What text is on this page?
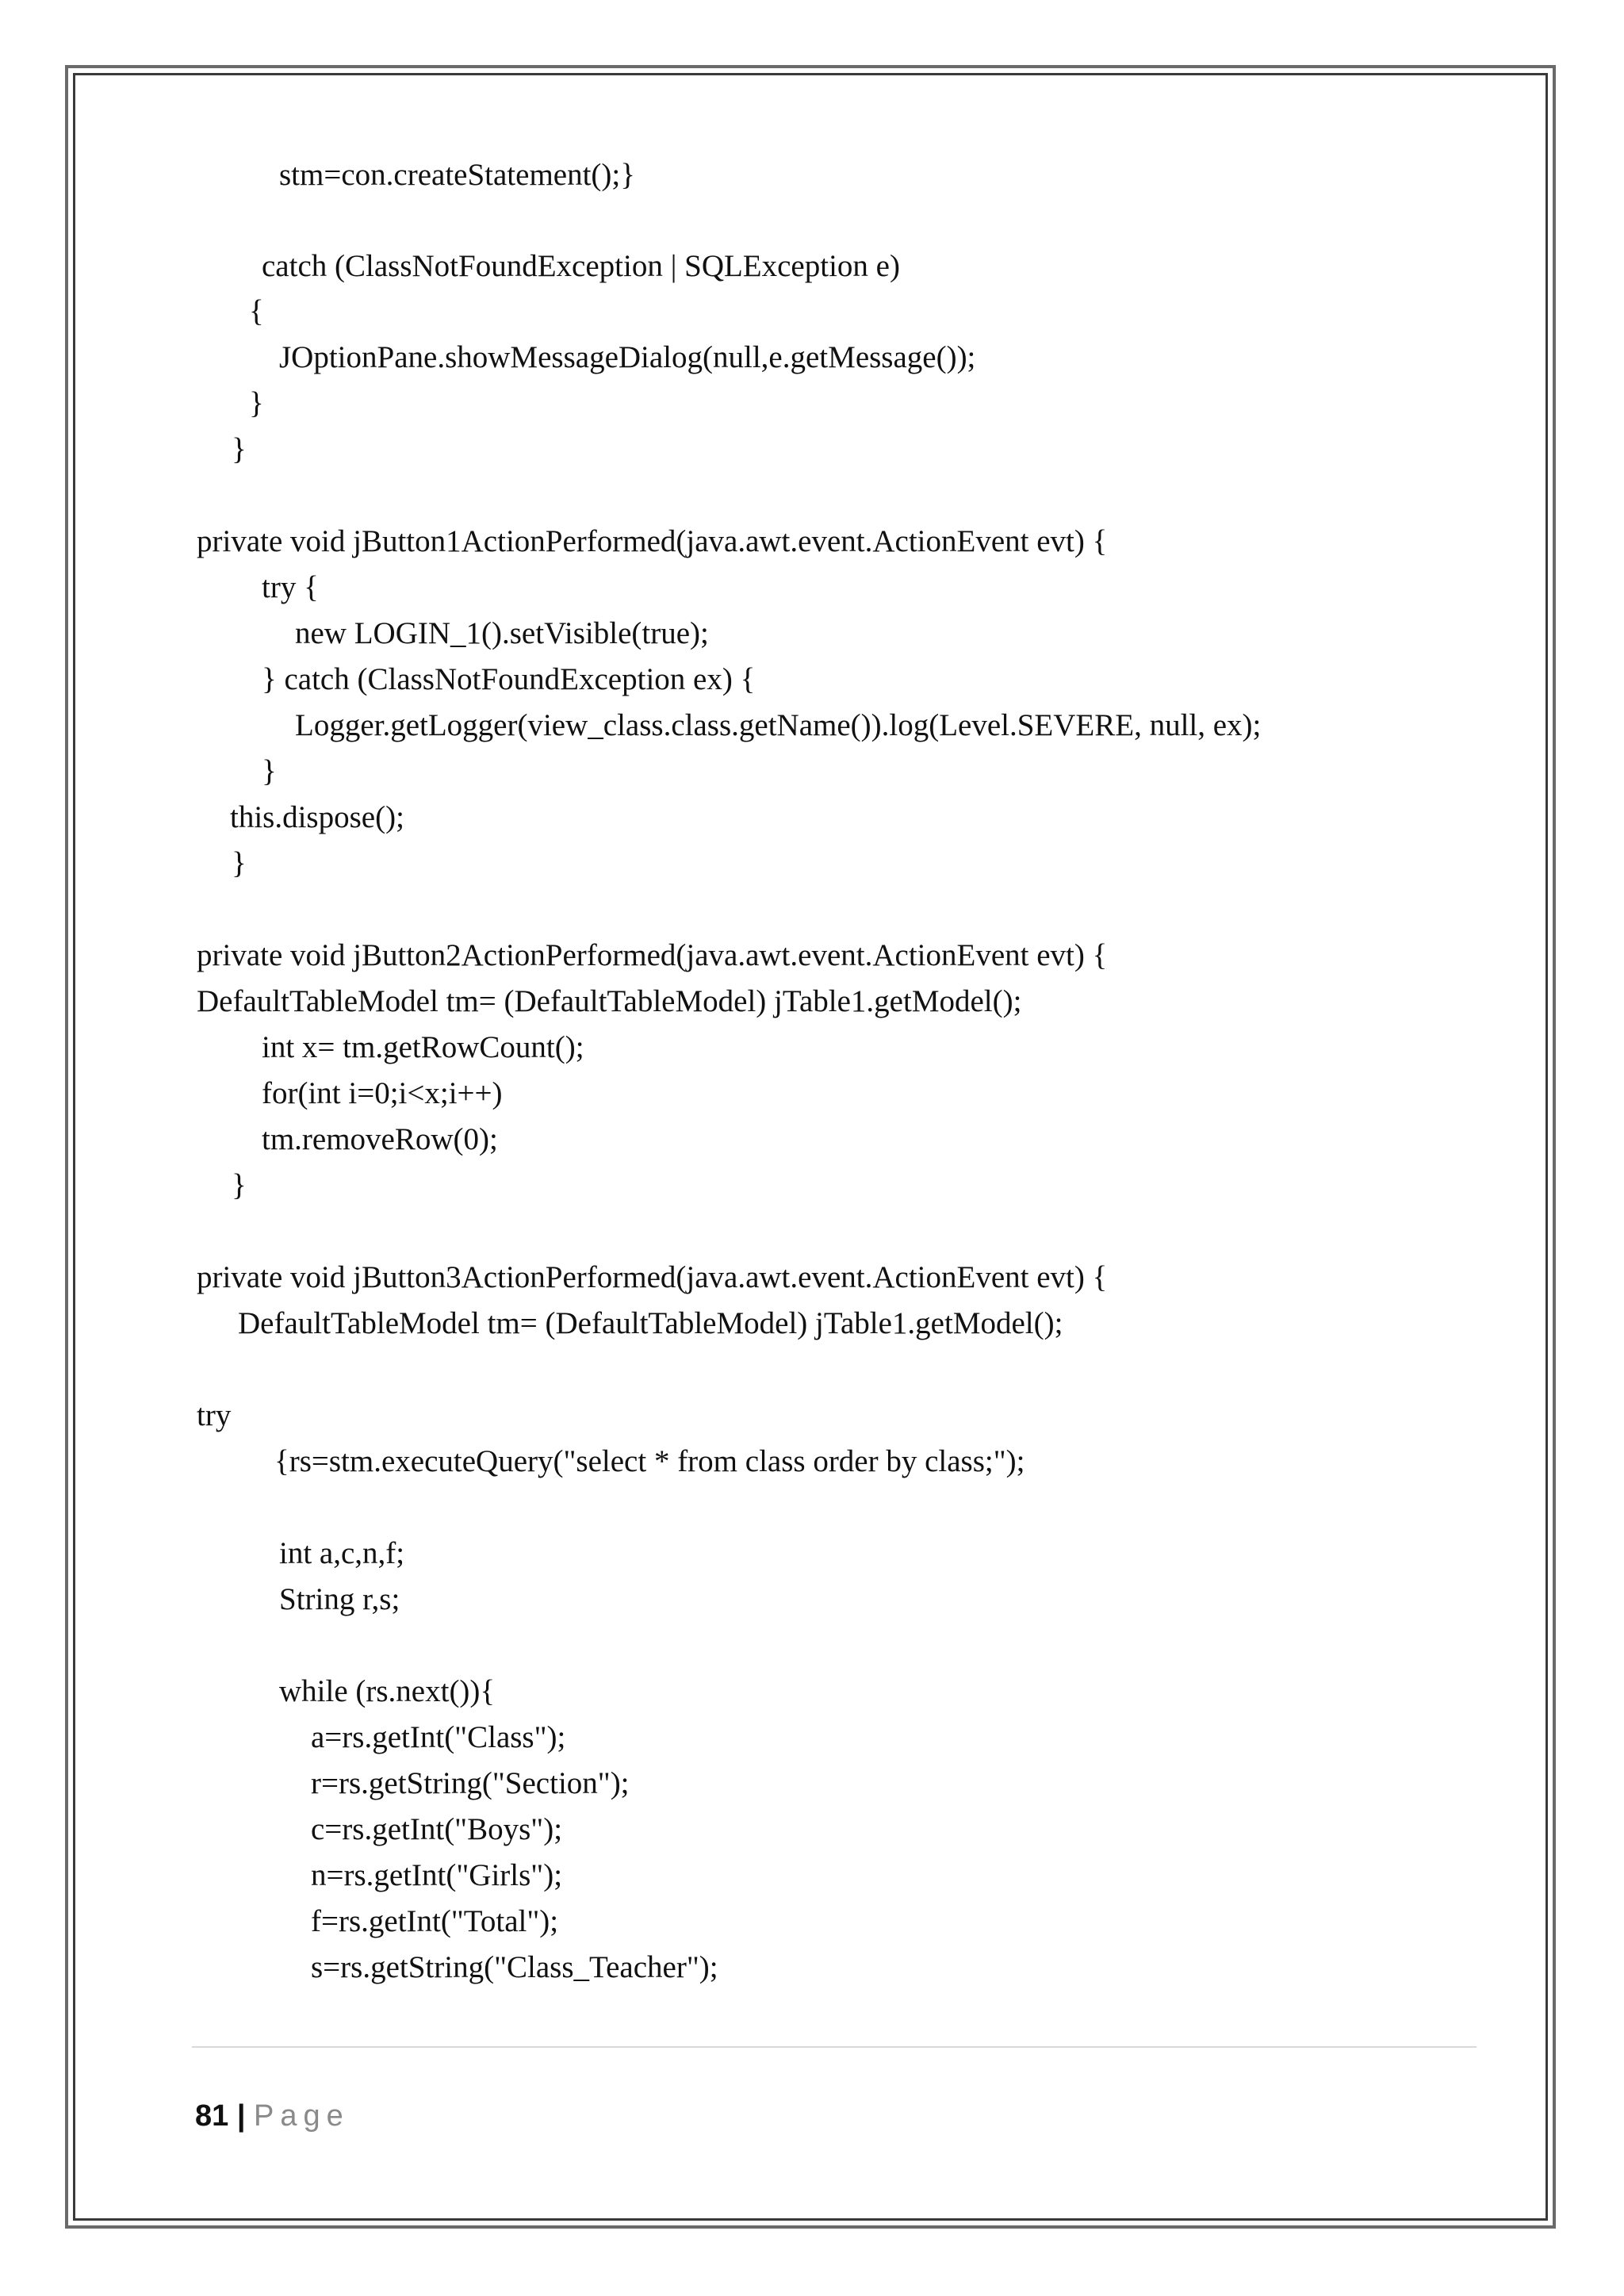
stm=con.createStatement();}
catch (ClassNotFoundException | SQLException e)
{
JOptionPane.showMessageDialog(null,e.getMessage());
}
}
private void jButton1ActionPerformed(java.awt.event.ActionEvent evt) {
try {
new LOGIN_1().setVisible(true);
} catch (ClassNotFoundException ex) {
Logger.getLogger(view_class.class.getName()).log(Level.SEVERE, null, ex);
}
this.dispose();
}
private void jButton2ActionPerformed(java.awt.event.ActionEvent evt) {
DefaultTableModel tm= (DefaultTableModel) jTable1.getModel();
int x= tm.getRowCount();
for(int i=0;i<x;i++)
tm.removeRow(0);
}
private void jButton3ActionPerformed(java.awt.event.ActionEvent evt) {
DefaultTableModel tm= (DefaultTableModel) jTable1.getModel();
try
{rs=stm.executeQuery("select * from class order by class;");
int a,c,n,f;
String r,s;
while (rs.next()){
a=rs.getInt("Class");
r=rs.getString("Section");
c=rs.getInt("Boys");
n=rs.getInt("Girls");
f=rs.getInt("Total");
s=rs.getString("Class_Teacher");
81 | Page
